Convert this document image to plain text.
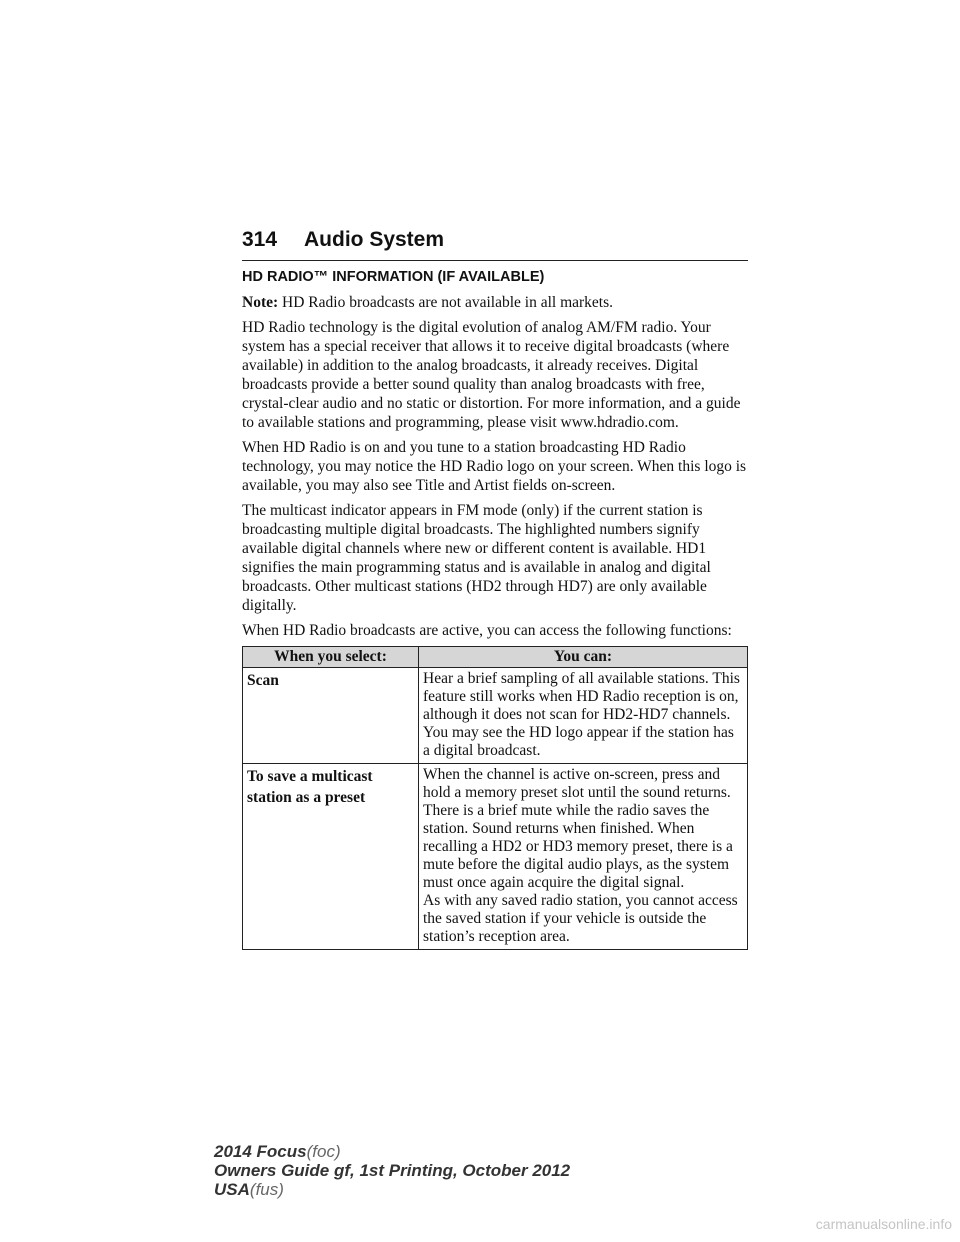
314 Audio System
HD RADIO™ INFORMATION (IF AVAILABLE)

Note: HD Radio broadcasts are not available in all markets.

HD Radio technology is the digital evolution of analog AM/FM radio. Your system has a special receiver that allows it to receive digital broadcasts (where available) in addition to the analog broadcasts, it already receives. Digital broadcasts provide a better sound quality than analog broadcasts with free, crystal-clear audio and no static or distortion. For more information, and a guide to available stations and programming, please visit www.hdradio.com.

When HD Radio is on and you tune to a station broadcasting HD Radio technology, you may notice the HD Radio logo on your screen. When this logo is available, you may also see Title and Artist fields on-screen.

The multicast indicator appears in FM mode (only) if the current station is broadcasting multiple digital broadcasts. The highlighted numbers signify available digital channels where new or different content is available. HD1 signifies the main programming status and is available in analog and digital broadcasts. Other multicast stations (HD2 through HD7) are only available digitally.

When HD Radio broadcasts are active, you can access the following functions:

When you select:	You can:
Scan	Hear a brief sampling of all available stations. This feature still works when HD Radio reception is on, although it does not scan for HD2-HD7 channels. You may see the HD logo appear if the station has a digital broadcast.
To save a multicast station as a preset	When the channel is active on-screen, press and hold a memory preset slot until the sound returns. There is a brief mute while the radio saves the station. Sound returns when finished. When recalling a HD2 or HD3 memory preset, there is a mute before the digital audio plays, as the system must once again acquire the digital signal.
As with any saved radio station, you cannot access the saved station if your vehicle is outside the station’s reception area.
2014 Focus(foc)
Owners Guide gf, 1st Printing, October 2012
USA(fus)
carmanualsonline.info
